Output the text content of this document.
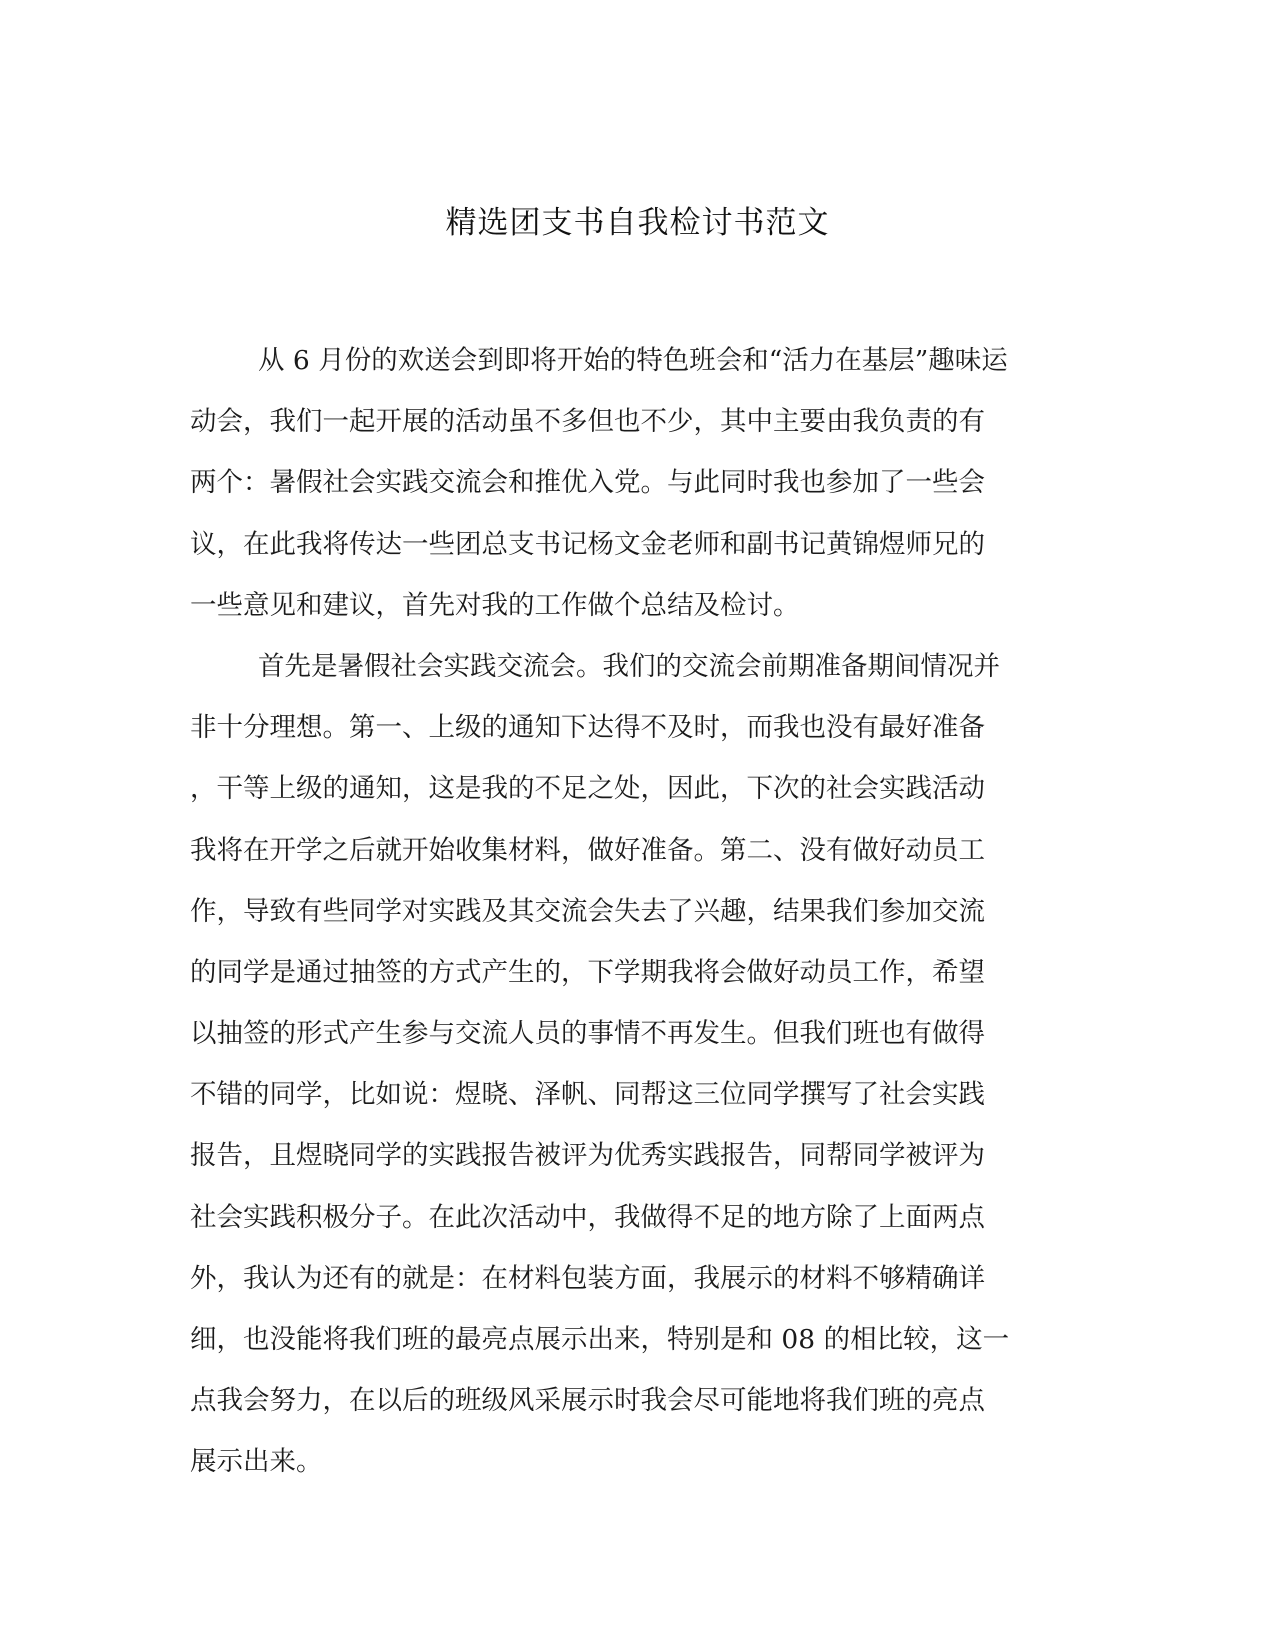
精选团支书自我检讨书范文
从 6 月份的欢送会到即将开始的特色班会和“活力在基层”趣味运
动会，我们一起开展的活动虽不多但也不少，其中主要由我负责的有
两个：暑假社会实践交流会和推优入党。与此同时我也参加了一些会
议，在此我将传达一些团总支书记杨文金老师和副书记黄锦煜师兄的
一些意见和建议，首先对我的工作做个总结及检讨。
首先是暑假社会实践交流会。我们的交流会前期准备期间情况并
非十分理想。第一、上级的通知下达得不及时，而我也没有最好准备
，干等上级的通知，这是我的不足之处，因此，下次的社会实践活动
我将在开学之后就开始收集材料，做好准备。第二、没有做好动员工
作，导致有些同学对实践及其交流会失去了兴趣，结果我们参加交流
的同学是通过抽签的方式产生的，下学期我将会做好动员工作，希望
以抽签的形式产生参与交流人员的事情不再发生。但我们班也有做得
不错的同学，比如说：煜晓、泽帆、同帮这三位同学撰写了社会实践
报告，且煜晓同学的实践报告被评为优秀实践报告，同帮同学被评为
社会实践积极分子。在此次活动中，我做得不足的地方除了上面两点
外，我认为还有的就是：在材料包装方面，我展示的材料不够精确详
细，也没能将我们班的最亮点展示出来，特别是和 08 的相比较，这一
点我会努力，在以后的班级风采展示时我会尽可能地将我们班的亮点
展示出来。
